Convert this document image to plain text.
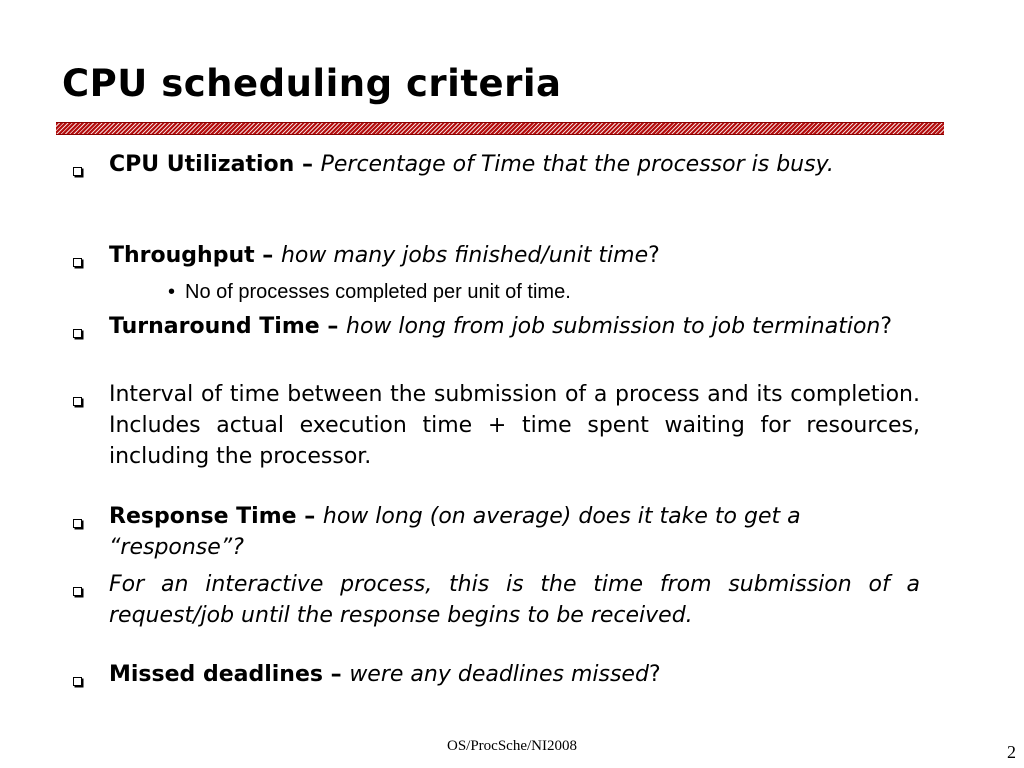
CPU scheduling criteria

CPU Utilization – Percentage of Time that the processor is busy.

Throughput – how many jobs finished/unit time?

• No of processes completed per unit of time.

Turnaround Time – how long from job submission to job termination?

Interval of time between the submission of a process and its completion. Includes actual execution time + time spent waiting for resources, including the processor.

Response Time – how long (on average) does it take to get a “response”?

For an interactive process, this is the time from submission of a request/job until the response begins to be received.

Missed deadlines – were any deadlines missed?

OS/ProcSche/NI2008	2
